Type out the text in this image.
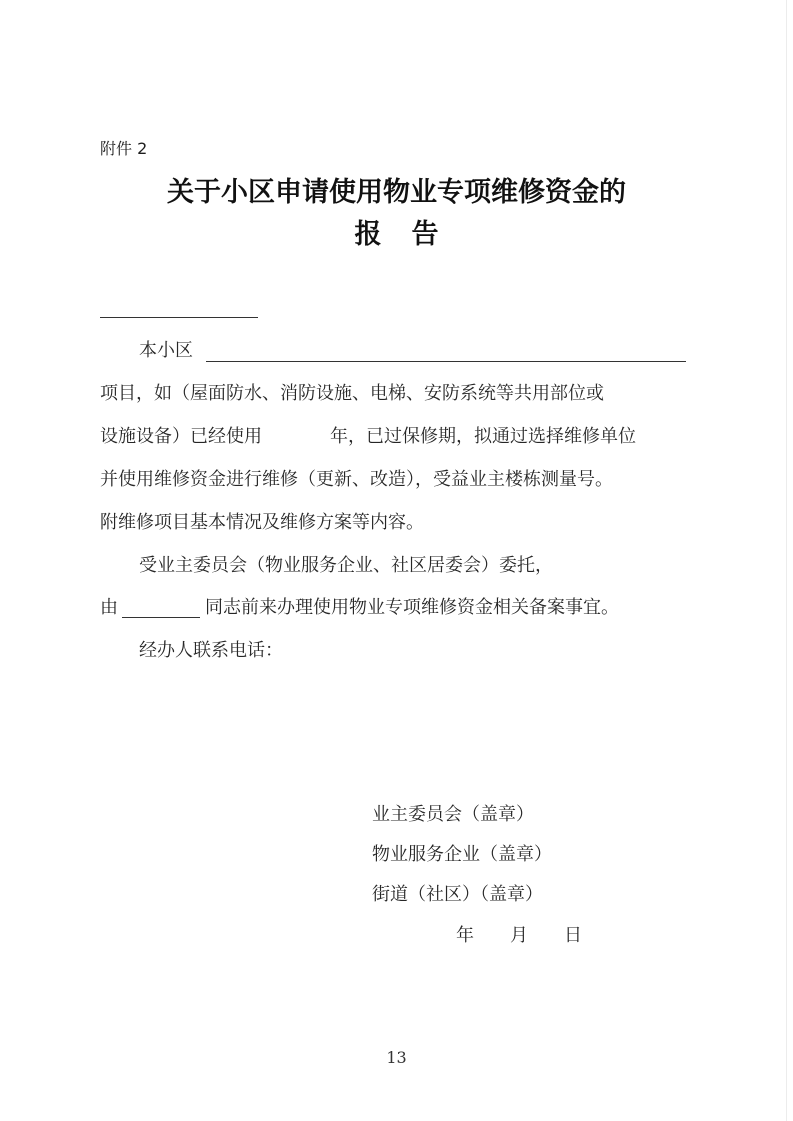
附件 2
关于小区申请使用物业专项维修资金的
报告
本小区
项目，如（屋面防水、消防设施、电梯、安防系统等共用部位或
设施设备）已经使用	年，已过保修期，拟通过选择维修单位
并使用维修资金进行维修（更新、改造），受益业主楼栋测量号。
附维修项目基本情况及维修方案等内容。
受业主委员会（物业服务企业、社区居委会）委托，
由	同志前来办理使用物业专项维修资金相关备案事宜。
经办人联系电话：
业主委员会（盖章）
物业服务企业（盖章）
街道（社区）（盖章）
年 月 日
13
